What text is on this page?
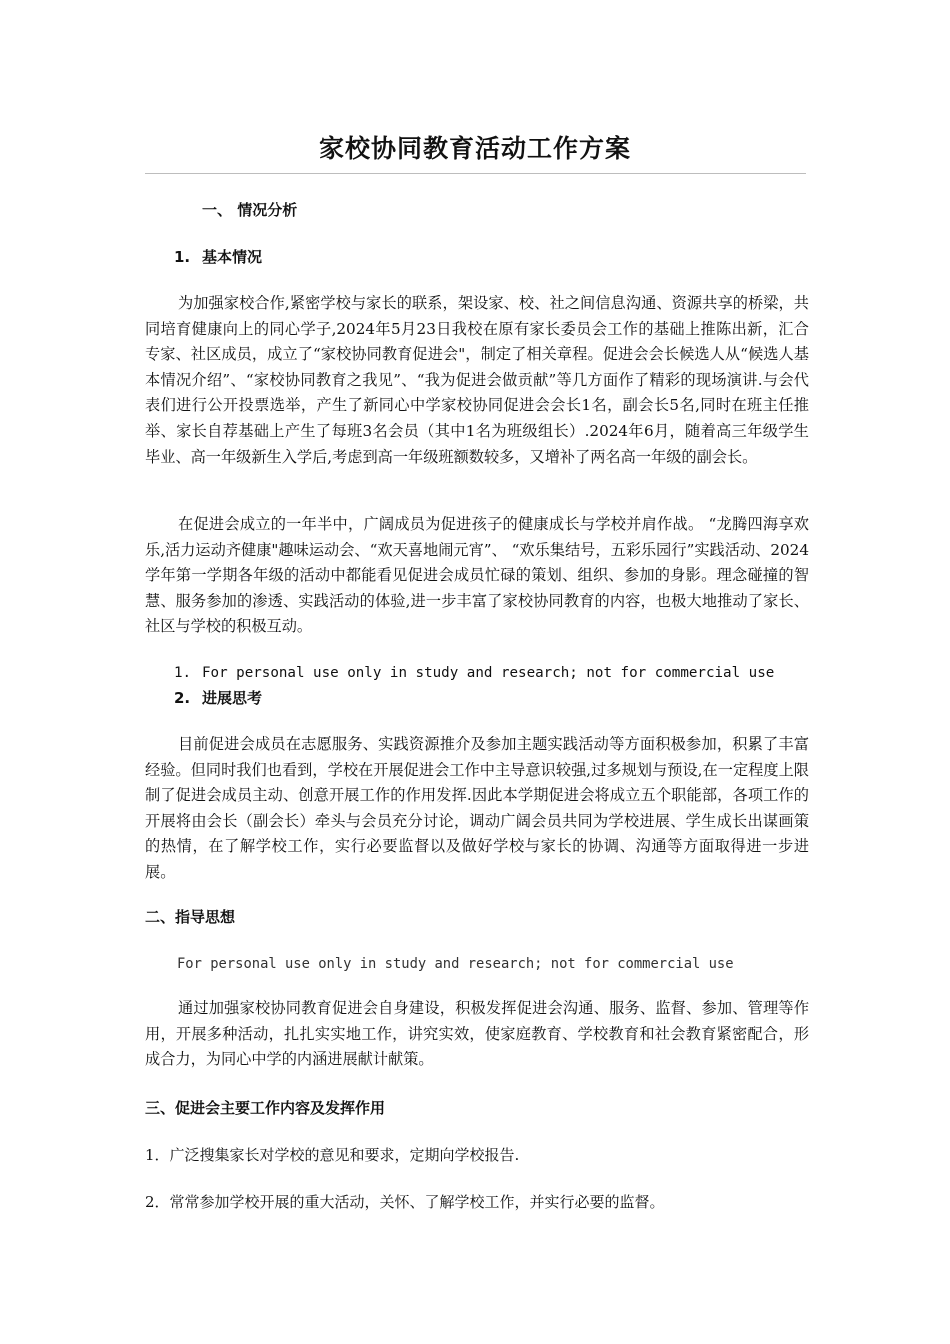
家校协同教育活动工作方案
一、 情况分析
1. 基本情况
为加强家校合作,紧密学校与家长的联系，架设家、校、社之间信息沟通、资源共享的桥梁，共同培育健康向上的同心学子,2024年5月23日我校在原有家长委员会工作的基础上推陈出新，汇合专家、社区成员，成立了“家校协同教育促进会"，制定了相关章程。促进会会长候选人从“候选人基本情况介绍”、“家校协同教育之我见”、“我为促进会做贡献”等几方面作了精彩的现场演讲.与会代表们进行公开投票选举，产生了新同心中学家校协同促进会会长1名，副会长5名,同时在班主任推举、家长自荐基础上产生了每班3名会员（其中1名为班级组长）.2024年6月，随着高三年级学生毕业、高一年级新生入学后,考虑到高一年级班额数较多，又增补了两名高一年级的副会长。
在促进会成立的一年半中，广阔成员为促进孩子的健康成长与学校并肩作战。 “龙腾四海享欢乐,活力运动齐健康"趣味运动会、“欢天喜地闹元宵”、 “欢乐集结号，五彩乐园行”实践活动、2024学年第一学期各年级的活动中都能看见促进会成员忙碌的策划、组织、参加的身影。理念碰撞的智慧、服务参加的渗透、实践活动的体验,进一步丰富了家校协同教育的内容，也极大地推动了家长、社区与学校的积极互动。
1. For personal use only in study and research; not for commercial use
2. 进展思考
目前促进会成员在志愿服务、实践资源推介及参加主题实践活动等方面积极参加，积累了丰富经验。但同时我们也看到，学校在开展促进会工作中主导意识较强,过多规划与预设,在一定程度上限制了促进会成员主动、创意开展工作的作用发挥.因此本学期促进会将成立五个职能部，各项工作的开展将由会长（副会长）牵头与会员充分讨论，调动广阔会员共同为学校进展、学生成长出谋画策的热情，在了解学校工作，实行必要监督以及做好学校与家长的协调、沟通等方面取得进一步进展。
二、指导思想
For personal use only in study and research; not for commercial use
通过加强家校协同教育促进会自身建设，积极发挥促进会沟通、服务、监督、参加、管理等作用，开展多种活动，扎扎实实地工作，讲究实效，使家庭教育、学校教育和社会教育紧密配合，形成合力，为同心中学的内涵进展献计献策。
三、促进会主要工作内容及发挥作用
1．广泛搜集家长对学校的意见和要求，定期向学校报告.
2．常常参加学校开展的重大活动，关怀、了解学校工作，并实行必要的监督。
